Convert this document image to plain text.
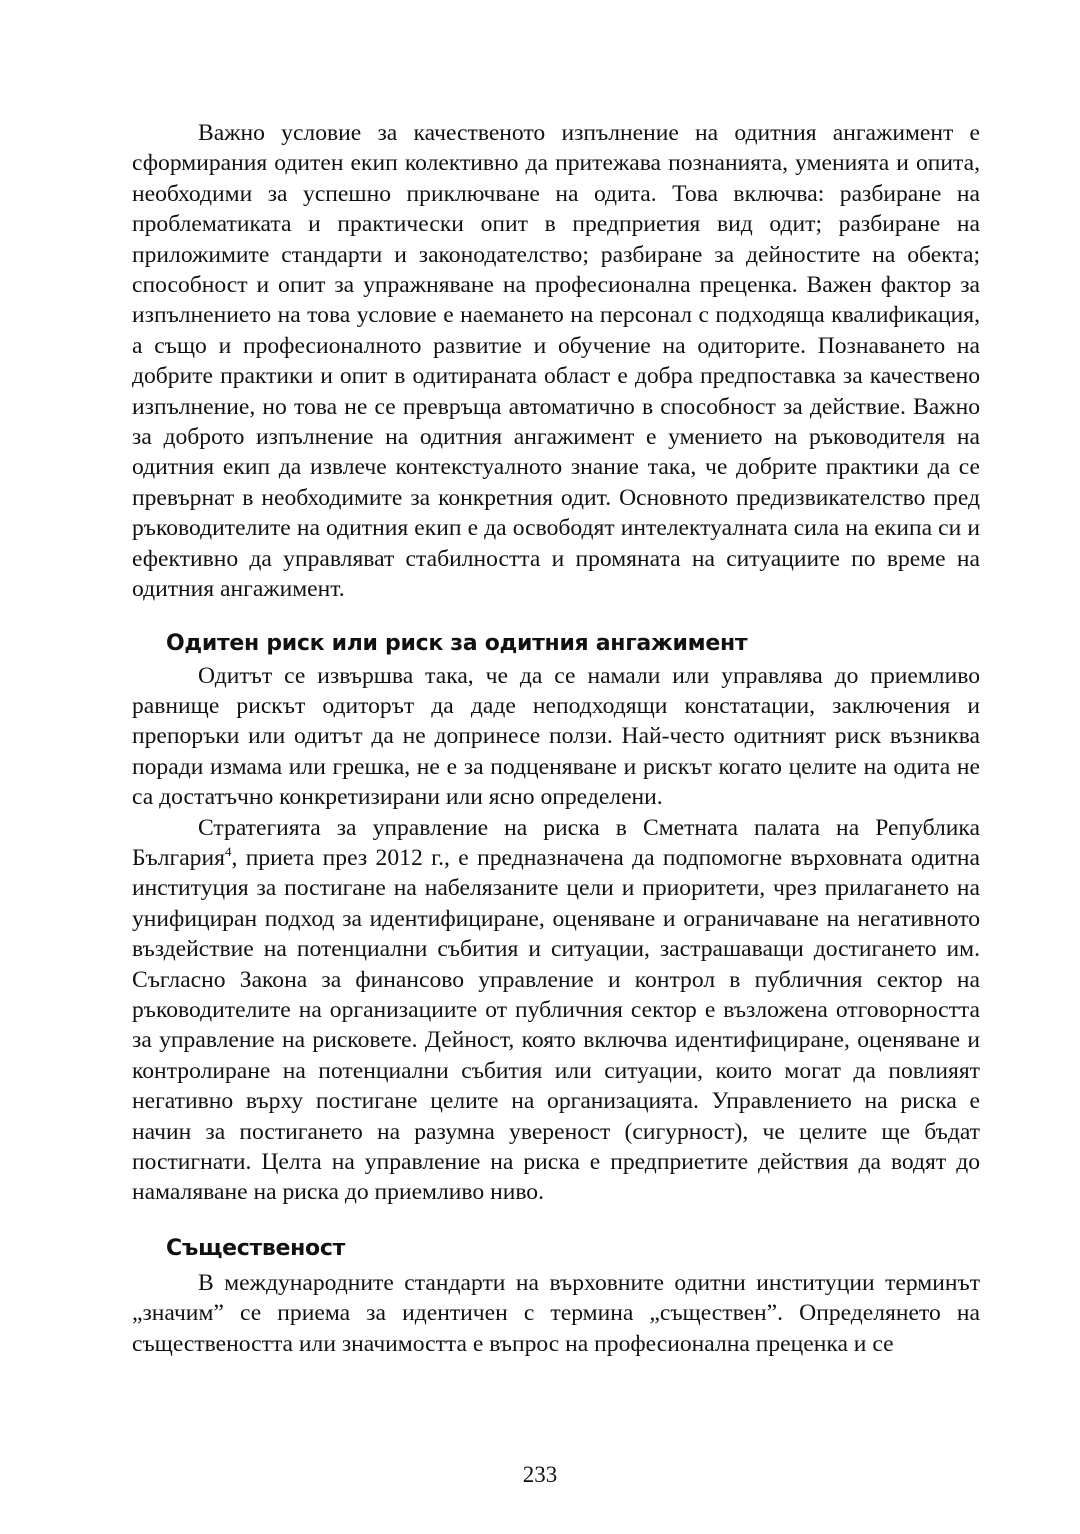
Важно условие за качественото изпълнение на одитния ангажимент е сформирания одитен екип колективно да притежава познанията, уменията и опита, необходими за успешно приключване на одита. Това включва: разбиране на проблематиката и практически опит в предприетия вид одит; разбиране на приложимите стандарти и законодателство; разбиране за дейностите на обекта; способност и опит за упражняване на професионална преценка. Важен фактор за изпълнението на това условие е наемането на персонал с подходяща квалификация, а също и професионалното развитие и обучение на одиторите. Познаването на добрите практики и опит в одитираната област е добра предпоставка за качествено изпълнение, но това не се превръща автоматично в способност за действие. Важно за доброто изпълнение на одитния ангажимент е умението на ръководителя на одитния екип да извлече контекстуалното знание така, че добрите практики да се превърнат в необходимите за конкретния одит. Основното предизвикателство пред ръководителите на одитния екип е да освободят интелектуалната сила на екипа си и ефективно да управляват стабилността и промяната на ситуациите по време на одитния ангажимент.

Одитен риск или риск за одитния ангажимент

Одитът се извършва така, че да се намали или управлява до приемливо равнище рискът одиторът да даде неподходящи констатации, заключения и препоръки или одитът да не допринесе ползи. Най-често одитният риск възниква поради измама или грешка, не е за подценяване и рискът когато целите на одита не са достатъчно конкретизирани или ясно определени.

Стратегията за управление на риска в Сметната палата на Република България$^4$, приета през 2012 г., е предназначена да подпомогне върховната одитна институция за постигане на набелязаните цели и приоритети, чрез прилагането на унифициран подход за идентифициране, оценяване и ограничаване на негативното въздействие на потенциални събития и ситуации, застрашаващи достигането им. Съгласно Закона за финансово управление и контрол в публичния сектор на ръководителите на организациите от публичния сектор е възложена отговорността за управление на рисковете. Дейност, която включва идентифициране, оценяване и контролиране на потенциални събития или ситуации, които могат да повлияят негативно върху постигане целите на организацията. Управлението на риска е начин за постигането на разумна увереност (сигурност), че целите ще бъдат постигнати. Целта на управление на риска е предприетите действия да водят до намаляване на риска до приемливо ниво.

Същественост

В международните стандарти на върховните одитни институции терминът „значим” се приема за идентичен с термина „съществен”. Определянето на съществеността или значимостта е въпрос на професионална преценка и се

233
